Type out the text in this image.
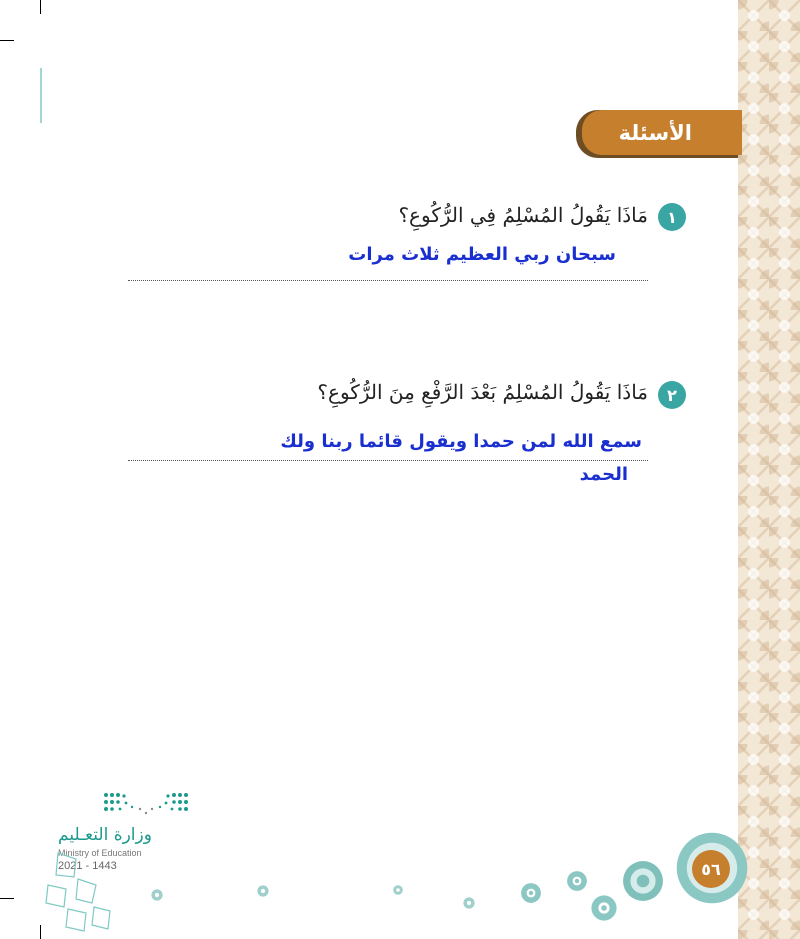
الأسئلة
١
مَاذَا يَقُولُ المُسْلِمُ فِي الرُّكُوعِ؟
سبحان ربي العظيم ثلاث مرات
٢
مَاذَا يَقُولُ المُسْلِمُ بَعْدَ الرَّفْعِ مِنَ الرُّكُوعِ؟
سمع الله لمن حمدا ويقول قائما ربنا ولك
الحمد
وزارة التعـليم
Ministry of Education
2021 - 1443	٥٦
